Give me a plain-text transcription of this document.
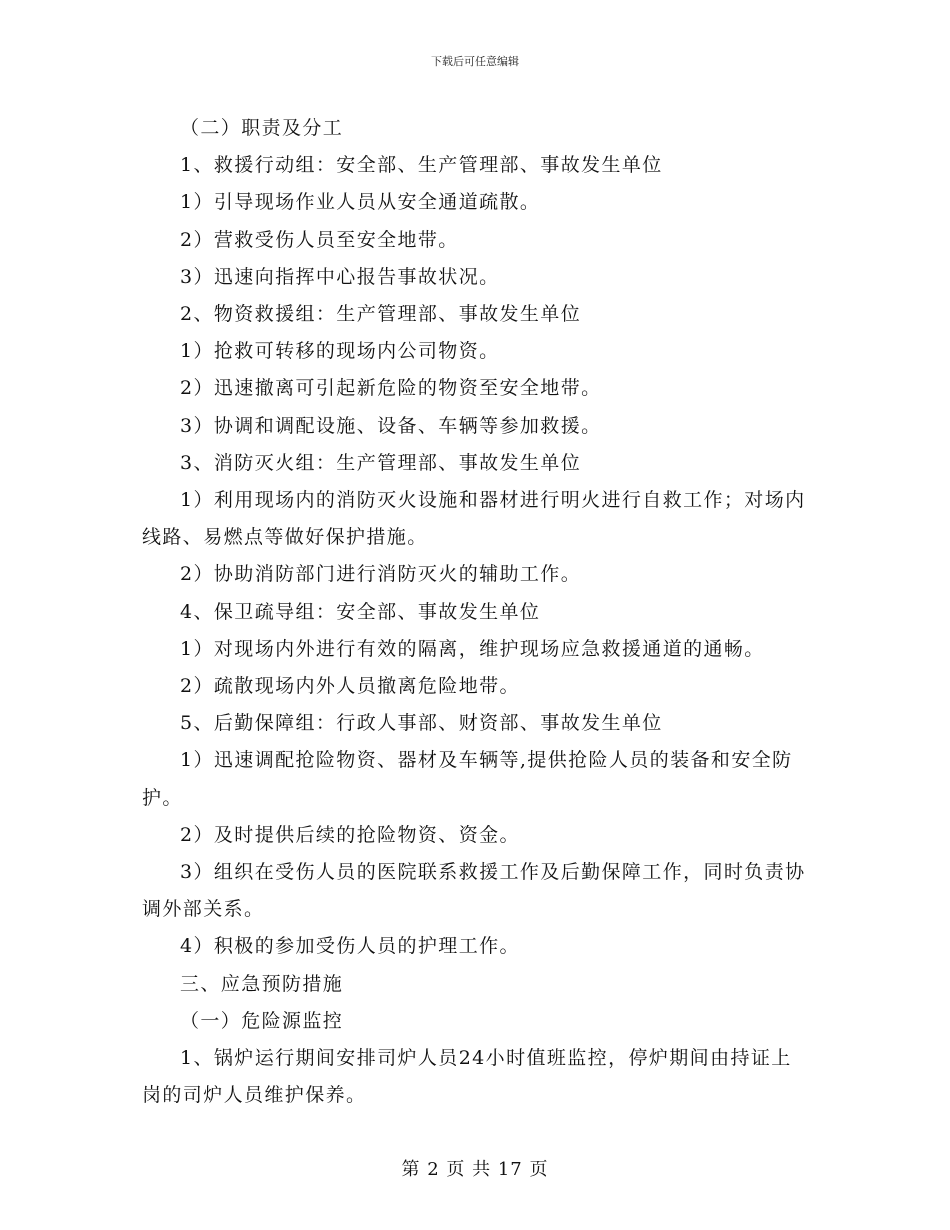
下载后可任意编辑

（二）职责及分工

1、救援行动组：安全部、生产管理部、事故发生单位

1）引导现场作业人员从安全通道疏散。

2）营救受伤人员至安全地带。

3）迅速向指挥中心报告事故状况。

2、物资救援组：生产管理部、事故发生单位

1）抢救可转移的现场内公司物资。

2）迅速撤离可引起新危险的物资至安全地带。

3）协调和调配设施、设备、车辆等参加救援。

3、消防灭火组：生产管理部、事故发生单位

1）利用现场内的消防灭火设施和器材进行明火进行自救工作；对场内线路、易燃点等做好保护措施。

2）协助消防部门进行消防灭火的辅助工作。

4、保卫疏导组：安全部、事故发生单位

1）对现场内外进行有效的隔离，维护现场应急救援通道的通畅。

2）疏散现场内外人员撤离危险地带。

5、后勤保障组：行政人事部、财资部、事故发生单位

1）迅速调配抢险物资、器材及车辆等,提供抢险人员的装备和安全防护。

2）及时提供后续的抢险物资、资金。

3）组织在受伤人员的医院联系救援工作及后勤保障工作，同时负责协调外部关系。

4）积极的参加受伤人员的护理工作。

三、应急预防措施

（一）危险源监控

1、锅炉运行期间安排司炉人员24小时值班监控，停炉期间由持证上岗的司炉人员维护保养。

第 2 页 共 17 页
